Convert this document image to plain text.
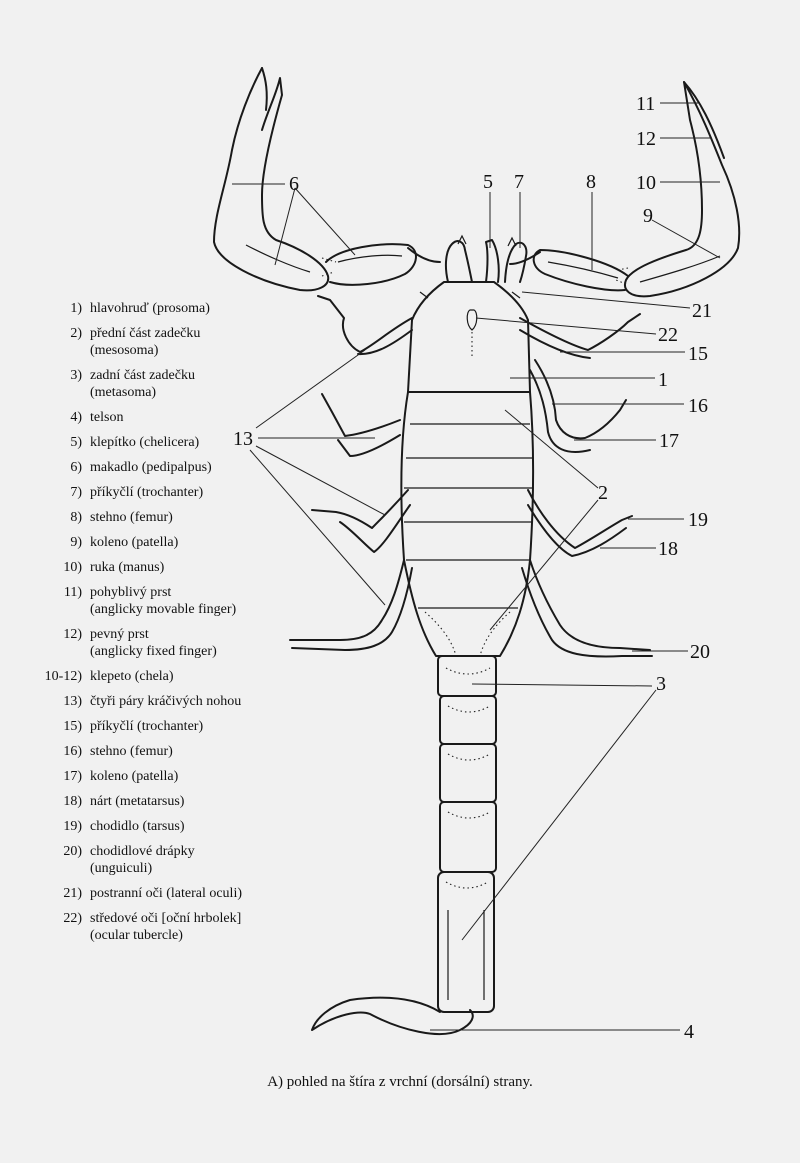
6	5 7	8
9
10
12
11
21
22
15
1
16
17
2
19
18
20
3
4
13
1) hlavohruď (prosoma)
2) přední část zadečku
(mesosoma)
3) zadní část zadečku
(metasoma)
4) telson
5) klepítko (chelicera)
6) makadlo (pedipalpus)
7) příkyčlí (trochanter)
8) stehno (femur)
9) koleno (patella)
10) ruka (manus)
11) pohyblivý prst
(anglicky movable finger)
12) pevný prst
(anglicky fixed finger)
10-12) klepeto (chela)
13) čtyři páry kráčivých nohou
15) příkyčlí (trochanter)
16) stehno (femur)
17) koleno (patella)
18) nárt (metatarsus)
19) chodidlo (tarsus)
20) chodidlové drápky
(unguiculi)
21) postranní oči (lateral oculi)
22) středové oči [oční hrbolek]
(ocular tubercle)
A) pohled na štíra z vrchní (dorsální) strany.
